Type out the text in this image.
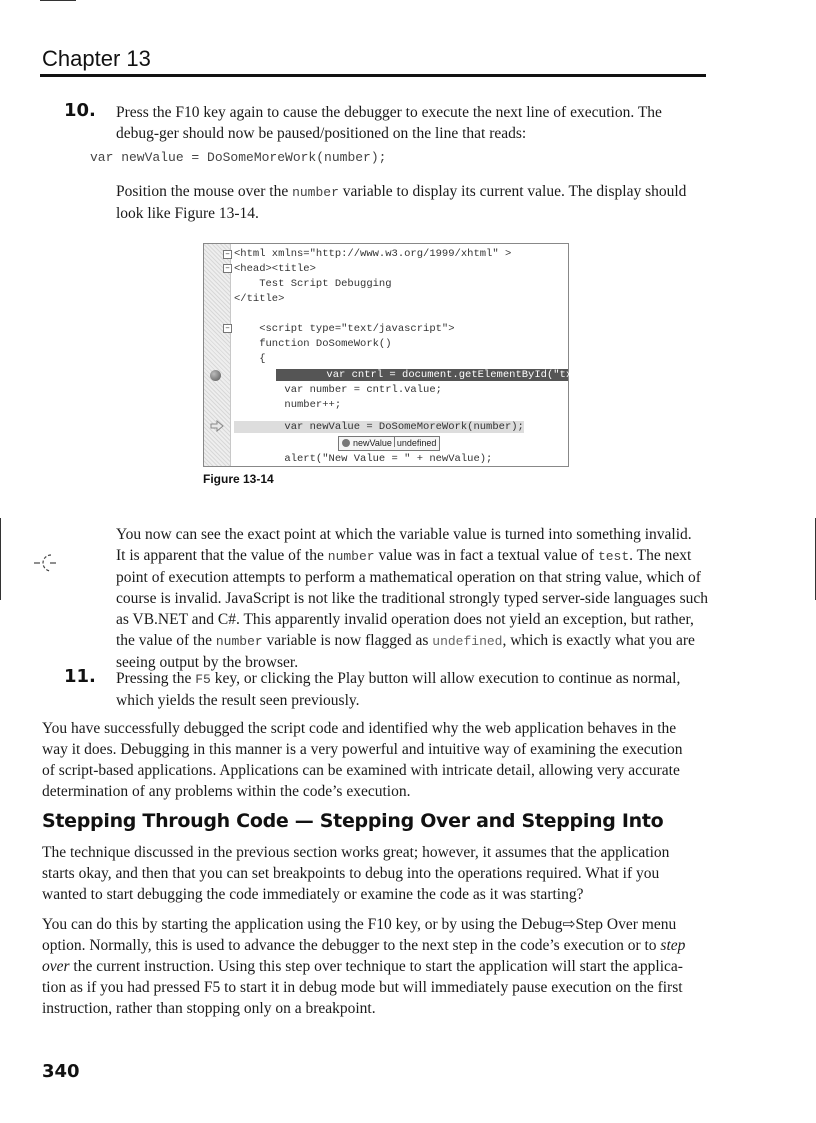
Chapter 13
10. Press the F10 key again to cause the debugger to execute the next line of execution. The debug-ger should now be paused/positioned on the line that reads:

var newValue = DoSomeMoreWork(number);

Position the mouse over the number variable to display its current value. The display should look like Figure 13-14.

−
−
−
<html xmlns="http://www.w3.org/1999/xhtml" >
<head><title>
Test Script Debugging
</title>
<script type="text/javascript">
function DoSomeWork()
{
var cntrl = document.getElementById("txtInput")
var number = cntrl.value;
number++;
var newValue = DoSomeMoreWork(number);
newValue undefined
alert("New Value = " + newValue);
Figure 13-14

You now can see the exact point at which the variable value is turned into something invalid.

It is apparent that the value of the number value was in fact a textual value of test. The next

point of execution attempts to perform a mathematical operation on that string value, which of

course is invalid. JavaScript is not like the traditional strongly typed server-side languages such

as VB.NET and C#. This apparently invalid operation does not yield an exception, but rather,

the value of the number variable is now flagged as undefined, which is exactly what you are

seeing output by the browser.

11. Pressing the F5 key, or clicking the Play button will allow execution to continue as normal,

which yields the result seen previously.

You have successfully debugged the script code and identified why the web application behaves in the

way it does. Debugging in this manner is a very powerful and intuitive way of examining the execution

of script-based applications. Applications can be examined with intricate detail, allowing very accurate

determination of any problems within the code’s execution.

Stepping Through Code — Stepping Over and Stepping Into

The technique discussed in the previous section works great; however, it assumes that the application

starts okay, and then that you can set breakpoints to debug into the operations required. What if you

wanted to start debugging the code immediately or examine the code as it was starting?

You can do this by starting the application using the F10 key, or by using the Debug⇨Step Over menu

option. Normally, this is used to advance the debugger to the next step in the code’s execution or to step

over the current instruction. Using this step over technique to start the application will start the applica-

tion as if you had pressed F5 to start it in debug mode but will immediately pause execution on the first

instruction, rather than stopping only on a breakpoint.

340
